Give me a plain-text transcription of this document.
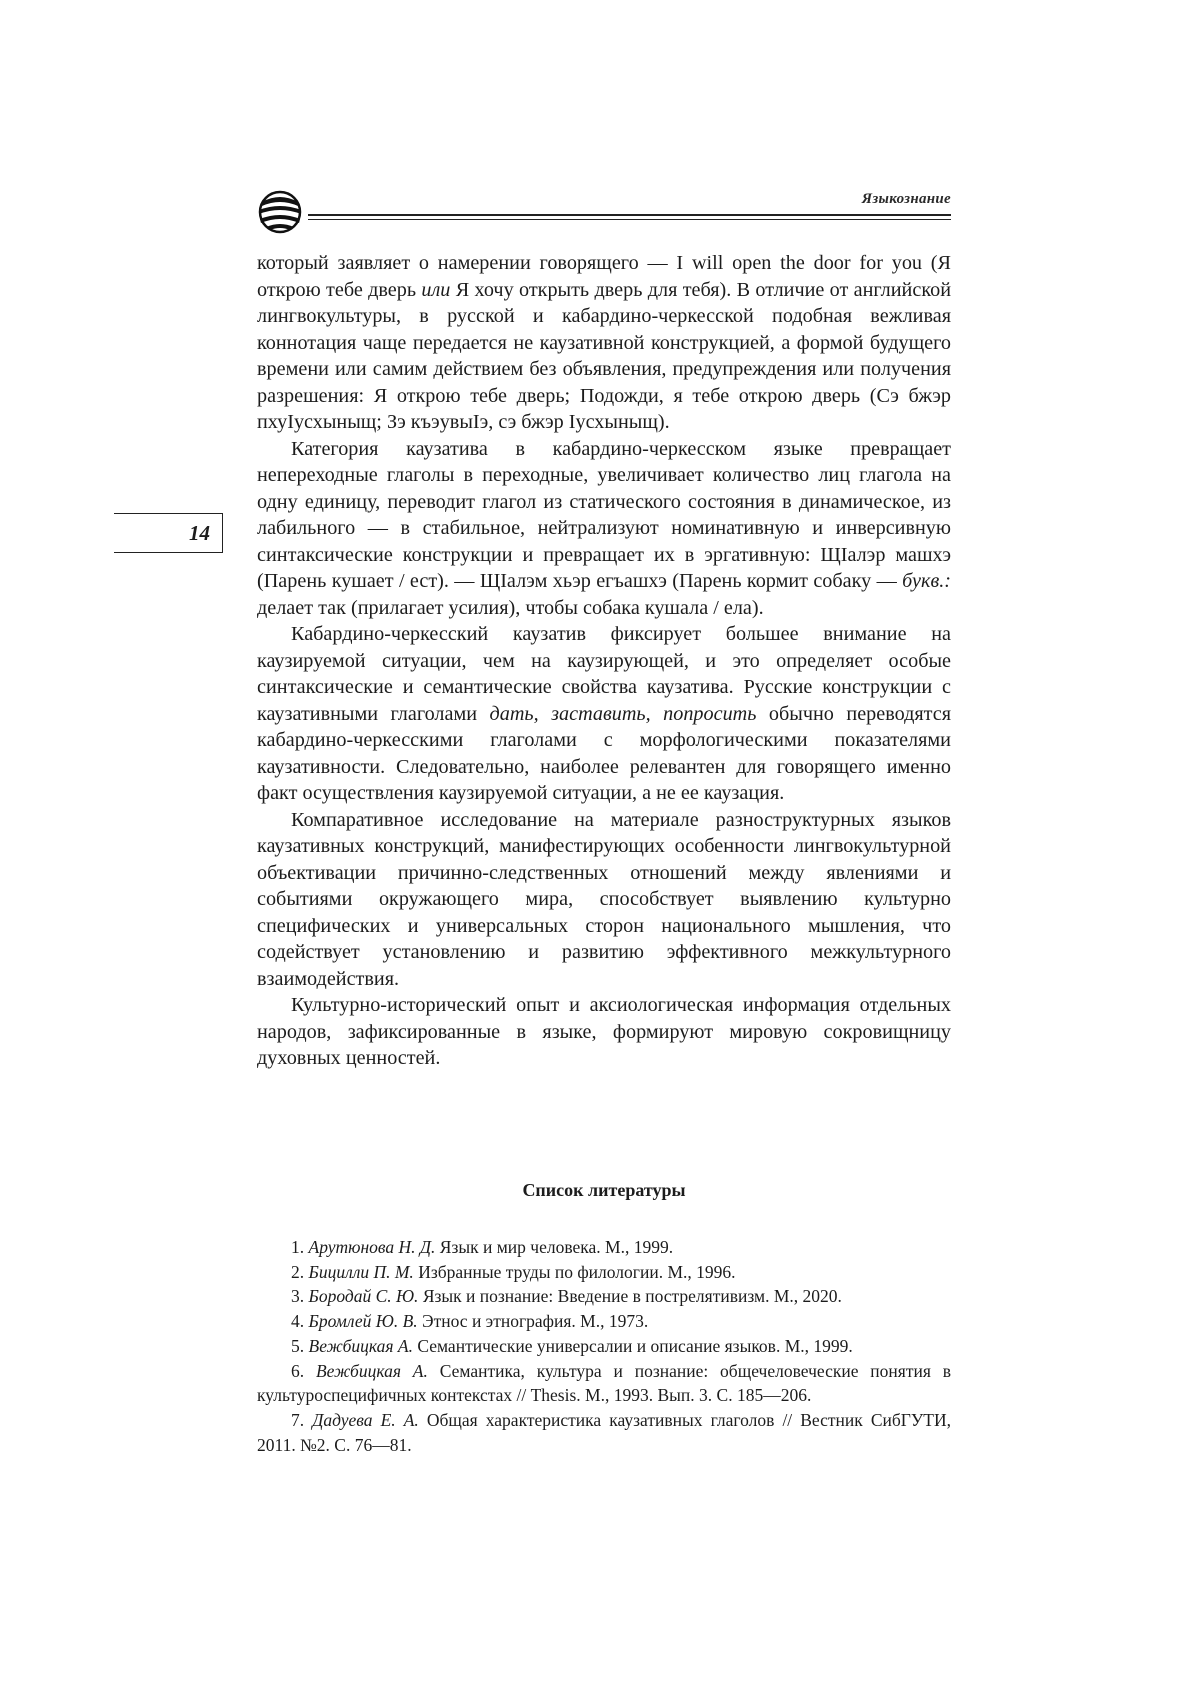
Языкознание
14

который заявляет о намерении говорящего — I will open the door for you (Я открою тебе дверь или Я хочу открыть дверь для тебя). В отличие от английской лингвокультуры, в русской и кабардино-черкесской подобная вежливая коннотация чаще передается не каузативной конструкцией, а формой будущего времени или самим действием без объявления, предупреждения или получения разрешения: Я открою тебе дверь; Подожди, я тебе открою дверь (Сэ бжэр пхуIусхыныщ; Зэ къэувыIэ, сэ бжэр Iусхыныщ).

Категория каузатива в кабардино-черкесском языке превращает непереходные глаголы в переходные, увеличивает количество лиц глагола на одну единицу, переводит глагол из статического состояния в динамическое, из лабильного — в стабильное, нейтрализуют номинативную и инверсивную синтаксические конструкции и превращает их в эргативную: ЩIалэр машхэ (Парень кушает / ест). — ЩIалэм хьэр егъашхэ (Парень кормит собаку — букв.: делает так (прилагает усилия), чтобы собака кушала / ела).

Кабардино-черкесский каузатив фиксирует большее внимание на каузируемой ситуации, чем на каузирующей, и это определяет особые синтаксические и семантические свойства каузатива. Русские конструкции с каузативными глаголами дать, заставить, попросить обычно переводятся кабардино-черкесскими глаголами с морфологическими показателями каузативности. Следовательно, наиболее релевантен для говорящего именно факт осуществления каузируемой ситуации, а не ее каузация.

Компаративное исследование на материале разноструктурных языков каузативных конструкций, манифестирующих особенности лингвокультурной объективации причинно-следственных отношений между явлениями и событиями окружающего мира, способствует выявлению культурно специфических и универсальных сторон национального мышления, что содействует установлению и развитию эффективного межкультурного взаимодействия.

Культурно-исторический опыт и аксиологическая информация отдельных народов, зафиксированные в языке, формируют мировую сокровищницу духовных ценностей.

Список литературы

1. Арутюнова Н. Д. Язык и мир человека. М., 1999.

2. Бицилли П. М. Избранные труды по филологии. М., 1996.

3. Бородай С. Ю. Язык и познание: Введение в пострелятивизм. М., 2020.

4. Бромлей Ю. В. Этнос и этнография. М., 1973.

5. Вежбицкая А. Семантические универсалии и описание языков. М., 1999.

6. Вежбицкая А. Семантика, культура и познание: общечеловеческие понятия в культуроспецифичных контекстах // Thesis. М., 1993. Вып. 3. С. 185—206.

7. Дадуева Е. А. Общая характеристика каузативных глаголов // Вестник СибГУТИ, 2011. №2. С. 76—81.
